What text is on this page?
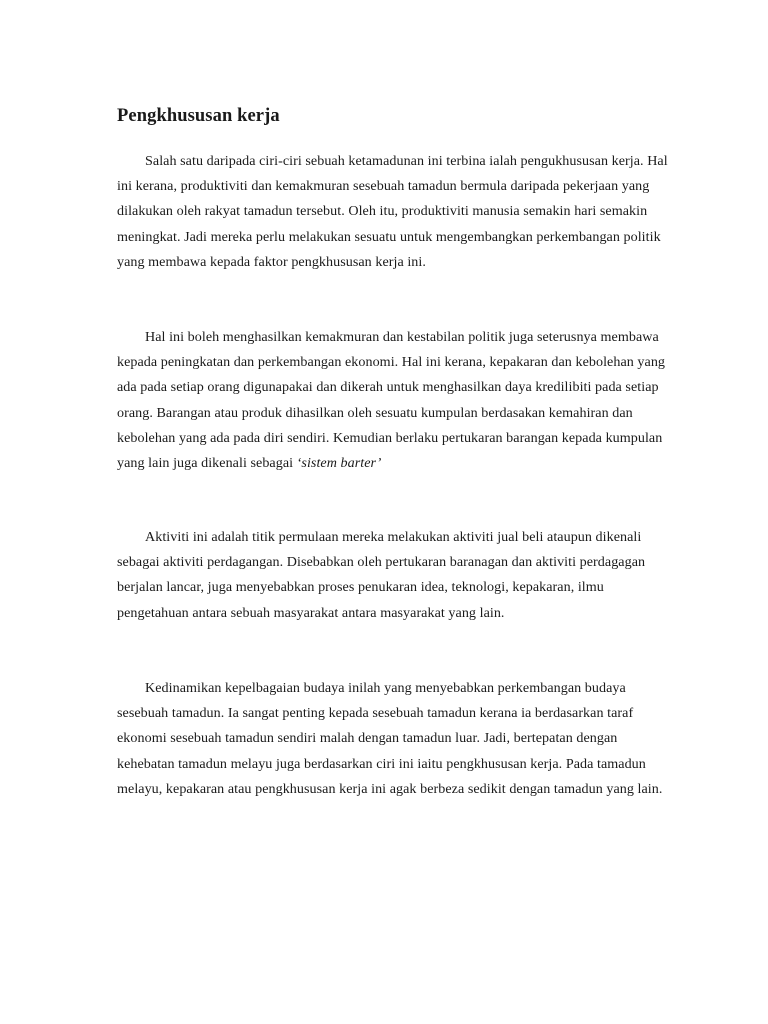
Pengkhususan kerja

Salah satu daripada ciri-ciri sebuah ketamadunan ini terbina ialah pengukhususan kerja. Hal ini kerana, produktiviti dan kemakmuran sesebuah tamadun bermula daripada pekerjaan yang dilakukan oleh rakyat tamadun tersebut. Oleh itu, produktiviti manusia semakin hari semakin meningkat. Jadi mereka perlu melakukan sesuatu untuk mengembangkan perkembangan politik yang membawa kepada faktor pengkhususan kerja ini.

Hal ini boleh menghasilkan kemakmuran dan kestabilan politik juga seterusnya membawa kepada peningkatan dan perkembangan ekonomi. Hal ini kerana, kepakaran dan kebolehan yang ada pada setiap orang digunapakai dan dikerah untuk menghasilkan daya kredilibiti pada setiap orang. Barangan atau produk dihasilkan oleh sesuatu kumpulan berdasakan kemahiran dan kebolehan yang ada pada diri sendiri. Kemudian berlaku pertukaran barangan kepada kumpulan yang lain juga dikenali sebagai ‘sistem barter’

Aktiviti ini adalah titik permulaan mereka melakukan aktiviti jual beli ataupun dikenali sebagai aktiviti perdagangan. Disebabkan oleh pertukaran baranagan dan aktiviti perdagagan berjalan lancar, juga menyebabkan proses penukaran idea, teknologi, kepakaran, ilmu pengetahuan antara sebuah masyarakat antara masyarakat yang lain.

Kedinamikan kepelbagaian budaya inilah yang menyebabkan perkembangan budaya sesebuah tamadun. Ia sangat penting kepada sesebuah tamadun kerana ia berdasarkan taraf ekonomi sesebuah tamadun sendiri malah dengan tamadun luar. Jadi, bertepatan dengan kehebatan tamadun melayu juga berdasarkan ciri ini iaitu pengkhususan kerja. Pada tamadun melayu, kepakaran atau pengkhususan kerja ini agak berbeza sedikit dengan tamadun yang lain.
